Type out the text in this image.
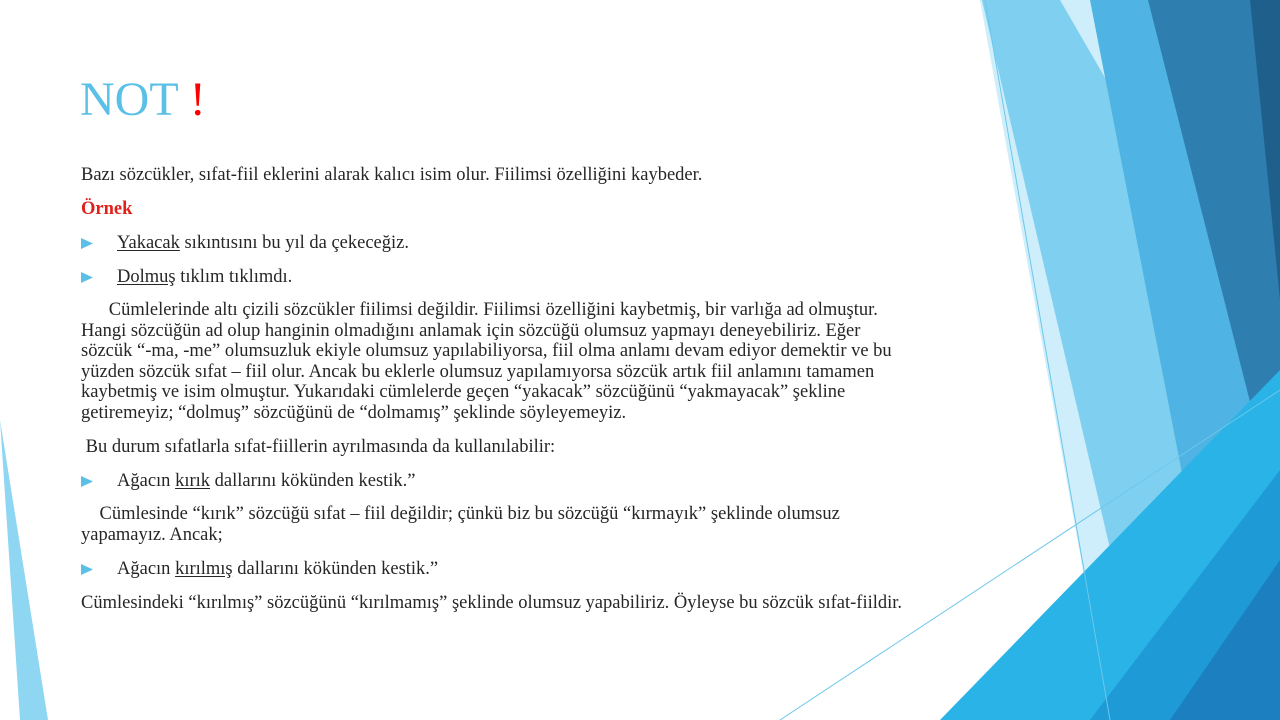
NOT !
Bazı sözcükler, sıfat-fiil eklerini alarak kalıcı isim olur. Fiilimsi özelliğini kaybeder.
Örnek
Yakacak sıkıntısını bu yıl da çekeceğiz.
Dolmuş tıklım tıklımdı.
Cümlelerinde altı çizili sözcükler fiilimsi değildir. Fiilimsi özelliğini kaybetmiş, bir varlığa ad olmuştur.
Hangi sözcüğün ad olup hanginin olmadığını anlamak için sözcüğü olumsuz yapmayı deneyebiliriz. Eğer
sözcük “-ma, -me” olumsuzluk ekiyle olumsuz yapılabiliyorsa, fiil olma anlamı devam ediyor demektir ve bu
yüzden sözcük sıfat – fiil olur. Ancak bu eklerle olumsuz yapılamıyorsa sözcük artık fiil anlamını tamamen
kaybetmiş ve isim olmuştur. Yukarıdaki cümlelerde geçen “yakacak” sözcüğünü “yakmayacak” şekline
getiremeyiz; “dolmuş” sözcüğünü de “dolmamış” şeklinde söyleyemeyiz.
Bu durum sıfatlarla sıfat-fiillerin ayrılmasında da kullanılabilir:
Ağacın kırık dallarını kökünden kestik.”
Cümlesinde “kırık” sözcüğü sıfat – fiil değildir; çünkü biz bu sözcüğü “kırmayık” şeklinde olumsuz
yapamayız. Ancak;
Ağacın kırılmış dallarını kökünden kestik.”
Cümlesindeki “kırılmış” sözcüğünü “kırılmamış” şeklinde olumsuz yapabiliriz. Öyleyse bu sözcük sıfat-fiildir.
